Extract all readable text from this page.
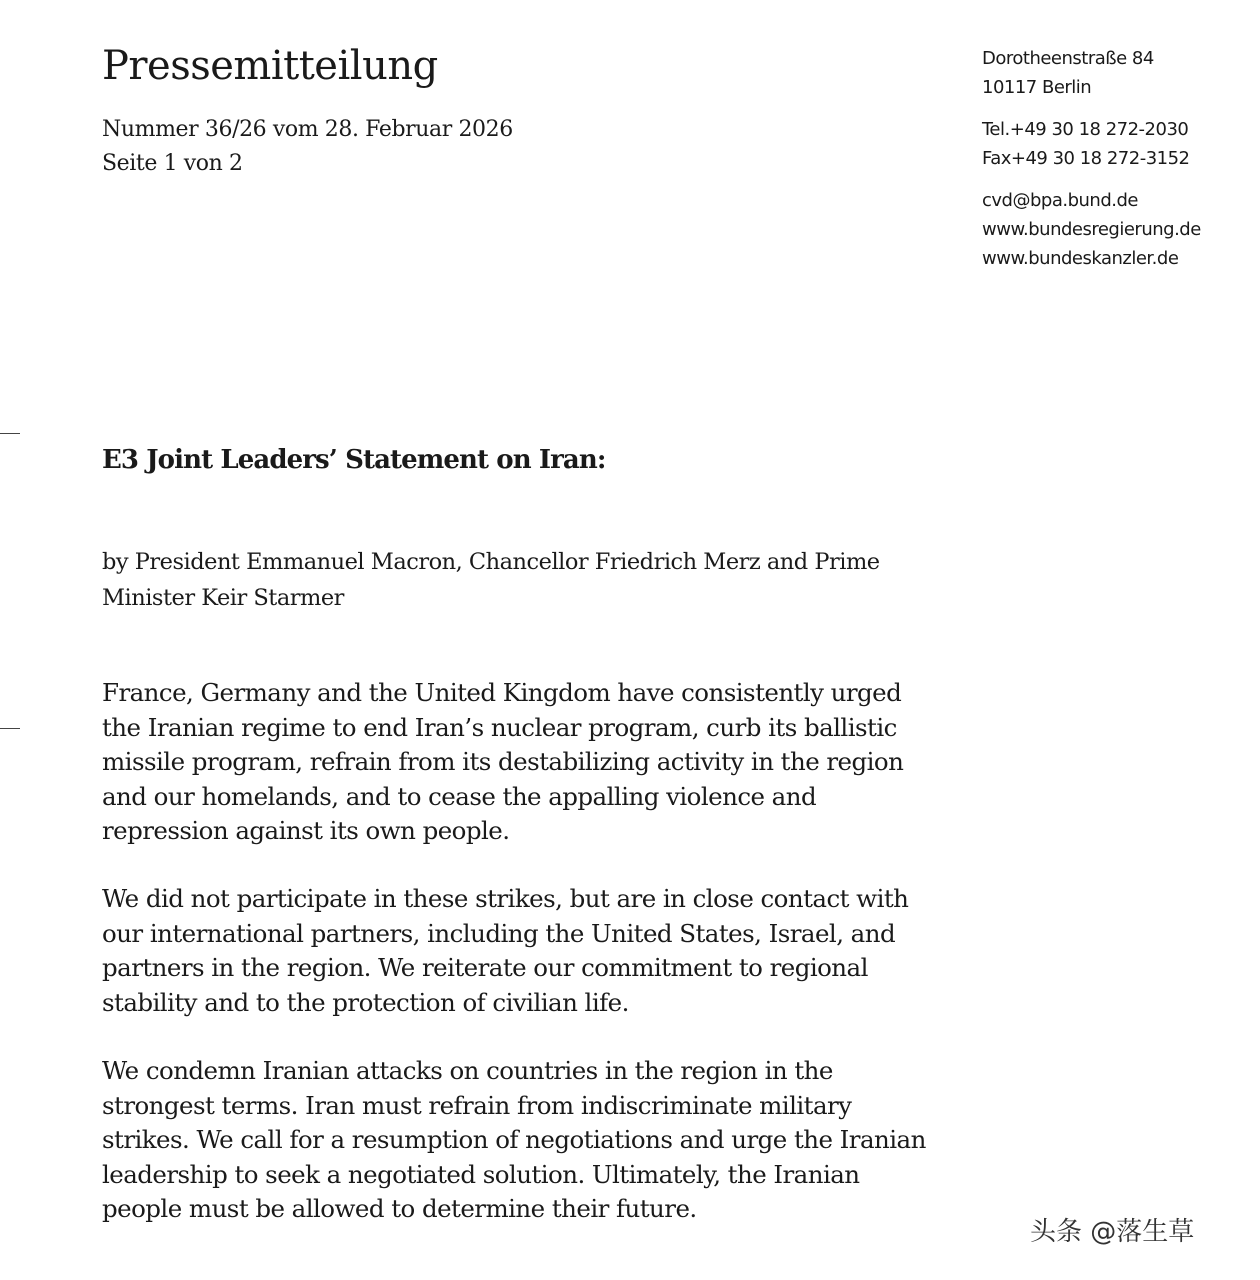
Pressemitteilung
Nummer 36/26 vom 28. Februar 2026
Seite 1 von 2
Dorotheenstraße 84
10117 Berlin
Tel.+49 30 18 272-2030
Fax+49 30 18 272-3152
cvd@bpa.bund.de
www.bundesregierung.de
www.bundeskanzler.de
E3 Joint Leaders’ Statement on Iran:

by President Emmanuel Macron, Chancellor Friedrich Merz and Prime Minister Keir Starmer

France, Germany and the United Kingdom have consistently urged
the Iranian regime to end Iran’s nuclear program, curb its ballistic
missile program, refrain from its destabilizing activity in the region
and our homelands, and to cease the appalling violence and
repression against its own people.

We did not participate in these strikes, but are in close contact with
our international partners, including the United States, Israel, and
partners in the region. We reiterate our commitment to regional
stability and to the protection of civilian life.

We condemn Iranian attacks on countries in the region in the
strongest terms. Iran must refrain from indiscriminate military
strikes. We call for a resumption of negotiations and urge the Iranian
leadership to seek a negotiated solution. Ultimately, the Iranian
people must be allowed to determine their future.

头条 @落生草
